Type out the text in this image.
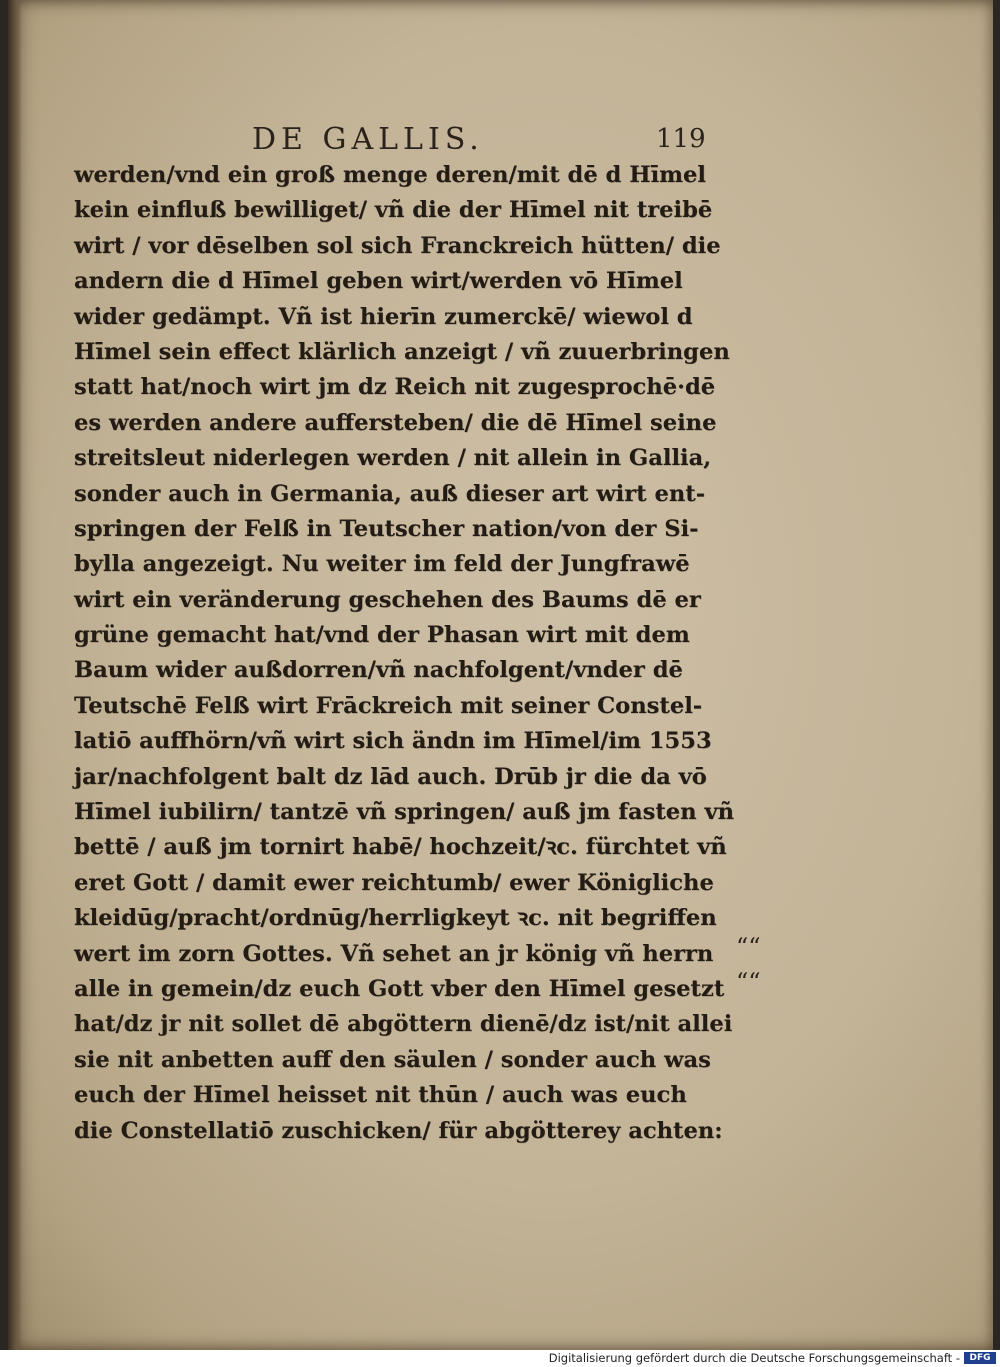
DE GALLIS.	119
werden/vnd ein groß menge deren/mit dē d Hīmel
kein einfluß bewilliget/ vñ die der Hīmel nit treibē
wirt / vor dēselben sol sich Franckreich hütten/ die
andern die d Hīmel geben wirt/werden vō Hīmel
wider gedämpt. Vñ ist hierīn zumerckē/ wiewol d
Hīmel sein effect klärlich anzeigt / vñ zuuerbringen
statt hat/noch wirt jm dz Reich nit zugesprochē·dē
es werden andere auffersteben/ die dē Hīmel seine
streitsleut niderlegen werden / nit allein in Gallia,
sonder auch in Germania, auß dieser art wirt ent-
springen der Felß in Teutscher nation/von der Si-
bylla angezeigt. Nu weiter im feld der Jungfrawē
wirt ein veränderung geschehen des Baums dē er
grüne gemacht hat/vnd der Phasan wirt mit dem
Baum wider außdorren/vñ nachfolgent/vnder dē
Teutschē Felß wirt Frāckreich mit seiner Constel-
latiō auffhörn/vñ wirt sich ändn im Hīmel/im 1553
jar/nachfolgent balt dz lād auch. Drūb jr die da vō
Hīmel iubilirn/ tantzē vñ springen/ auß jm fasten vñ
bettē / auß jm tornirt habē/ hochzeit/ꝛc. fürchtet vñ
eret Gott / damit ewer reichtumb/ ewer Königliche
kleidūg/pracht/ordnūg/herrligkeyt ꝛc. nit begriffen
wert im zorn Gottes. Vñ sehet an jr könig vñ herrn
alle in gemein/dz euch Gott vber den Hīmel gesetzt
hat/dz jr nit sollet dē abgöttern dienē/dz ist/nit allei
sie nit anbetten auff den säulen / sonder auch was
euch der Hīmel heisset nit thūn / auch was euch
die Constellatiō zuschicken/ für abgötterey achten:
““
““
Digitalisierung gefördert durch die Deutsche Forschungsgemeinschaft -	DFG
